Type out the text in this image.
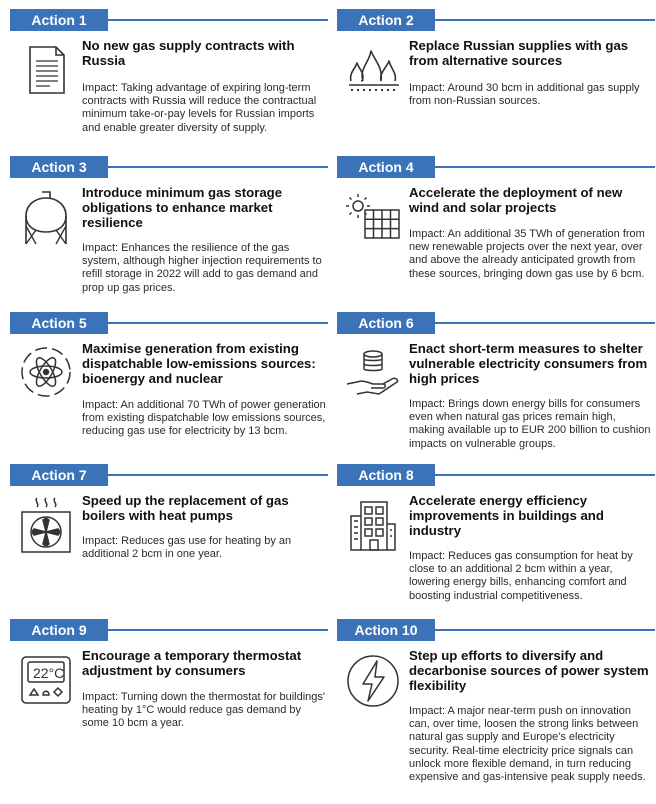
Action 1

No new gas supply contracts with Russia

Impact: Taking advantage of expiring long-term contracts with Russia will reduce the contractual minimum take-or-pay levels for Russian imports and enable greater diversity of supply.

Action 2

Replace Russian supplies with gas from alternative sources

Impact: Around 30 bcm in additional gas supply from non-Russian sources.

Action 3

Introduce minimum gas storage obligations to enhance market resilience

Impact: Enhances the resilience of the gas system, although higher injection requirements to refill storage in 2022 will add to gas demand and prop up gas prices.

Action 4

Accelerate the deployment of new wind and solar projects

Impact: An additional 35 TWh of generation from new renewable projects over the next year, over and above the already anticipated growth from these sources, bringing down gas use by 6 bcm.

Action 5

Maximise generation from existing dispatchable low-emissions sources: bioenergy and nuclear

Impact: An additional 70 TWh of power generation from existing dispatchable low emissions sources, reducing gas use for electricity by 13 bcm.

Action 6

Enact short-term measures to shelter vulnerable electricity consumers from high prices

Impact: Brings down energy bills for consumers even when natural gas prices remain high, making available up to EUR 200 billion to cushion impacts on vulnerable groups.

Action 7

Speed up the replacement of gas boilers with heat pumps

Impact: Reduces gas use for heating by an additional 2 bcm in one year.

Action 8

Accelerate energy efficiency improvements in buildings and industry

Impact: Reduces gas consumption for heat by close to an additional 2 bcm within a year, lowering energy bills, enhancing comfort and boosting industrial competitiveness.

Action 9
22°C

Encourage a temporary thermostat adjustment by consumers

Impact: Turning down the thermostat for buildings' heating by 1°C would reduce gas demand by some 10 bcm a year.

Action 10

Step up efforts to diversify and decarbonise sources of power system flexibility

Impact: A major near-term push on innovation can, over time, loosen the strong links between natural gas supply and Europe's electricity security. Real-time electricity price signals can unlock more flexible demand, in turn reducing expensive and gas-intensive peak supply needs.
